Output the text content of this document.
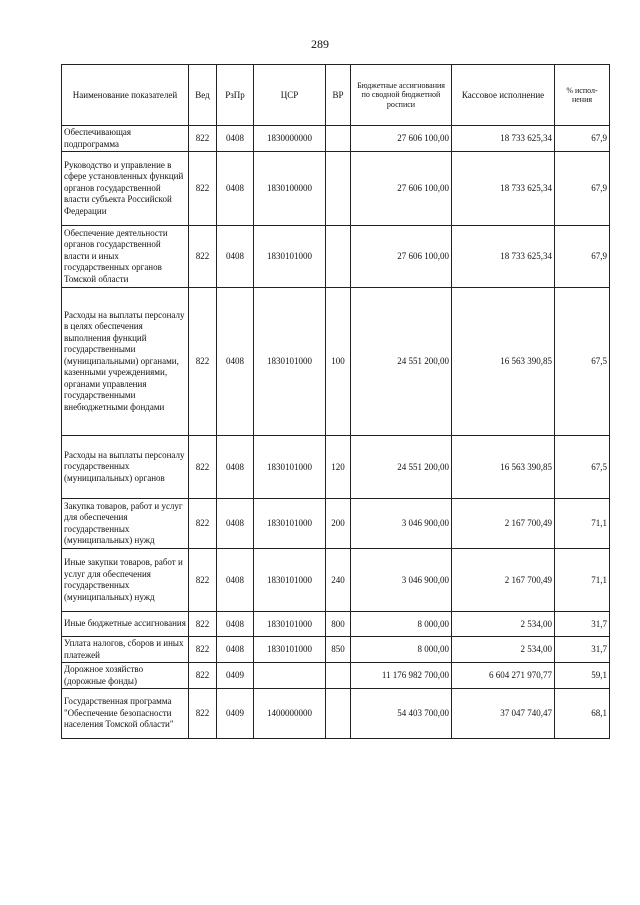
289
Наименование показателей	Вед	РзПр	ЦСР	ВР	Бюджетные ассигнования по сводной бюджетной росписи	Кассовое исполнение	% испол-нения
Обеспечивающая подпрограмма	822	0408	1830000000		27 606 100,00	18 733 625,34	67,9
Руководство и управление в сфере установленных функций органов государственной власти субъекта Российской Федерации	822	0408	1830100000		27 606 100,00	18 733 625,34	67,9
Обеспечение деятельности органов государственной власти и иных государственных органов Томской области	822	0408	1830101000		27 606 100,00	18 733 625,34	67,9
Расходы на выплаты персоналу в целях обеспечения выполнения функций государственными (муниципальными) органами, казенными учреждениями, органами управления государственными внебюджетными фондами	822	0408	1830101000	100	24 551 200,00	16 563 390,85	67,5
Расходы на выплаты персоналу государственных (муниципальных) органов	822	0408	1830101000	120	24 551 200,00	16 563 390,85	67,5
Закупка товаров, работ и услуг для обеспечения государственных (муниципальных) нужд	822	0408	1830101000	200	3 046 900,00	2 167 700,49	71,1
Иные закупки товаров, работ и услуг для обеспечения государственных (муниципальных) нужд	822	0408	1830101000	240	3 046 900,00	2 167 700,49	71,1
Иные бюджетные ассигнования	822	0408	1830101000	800	8 000,00	2 534,00	31,7
Уплата налогов, сборов и иных платежей	822	0408	1830101000	850	8 000,00	2 534,00	31,7
Дорожное хозяйство (дорожные фонды)	822	0409			11 176 982 700,00	6 604 271 970,77	59,1
Государственная программа "Обеспечение безопасности населения Томской области"	822	0409	1400000000		54 403 700,00	37 047 740,47	68,1
